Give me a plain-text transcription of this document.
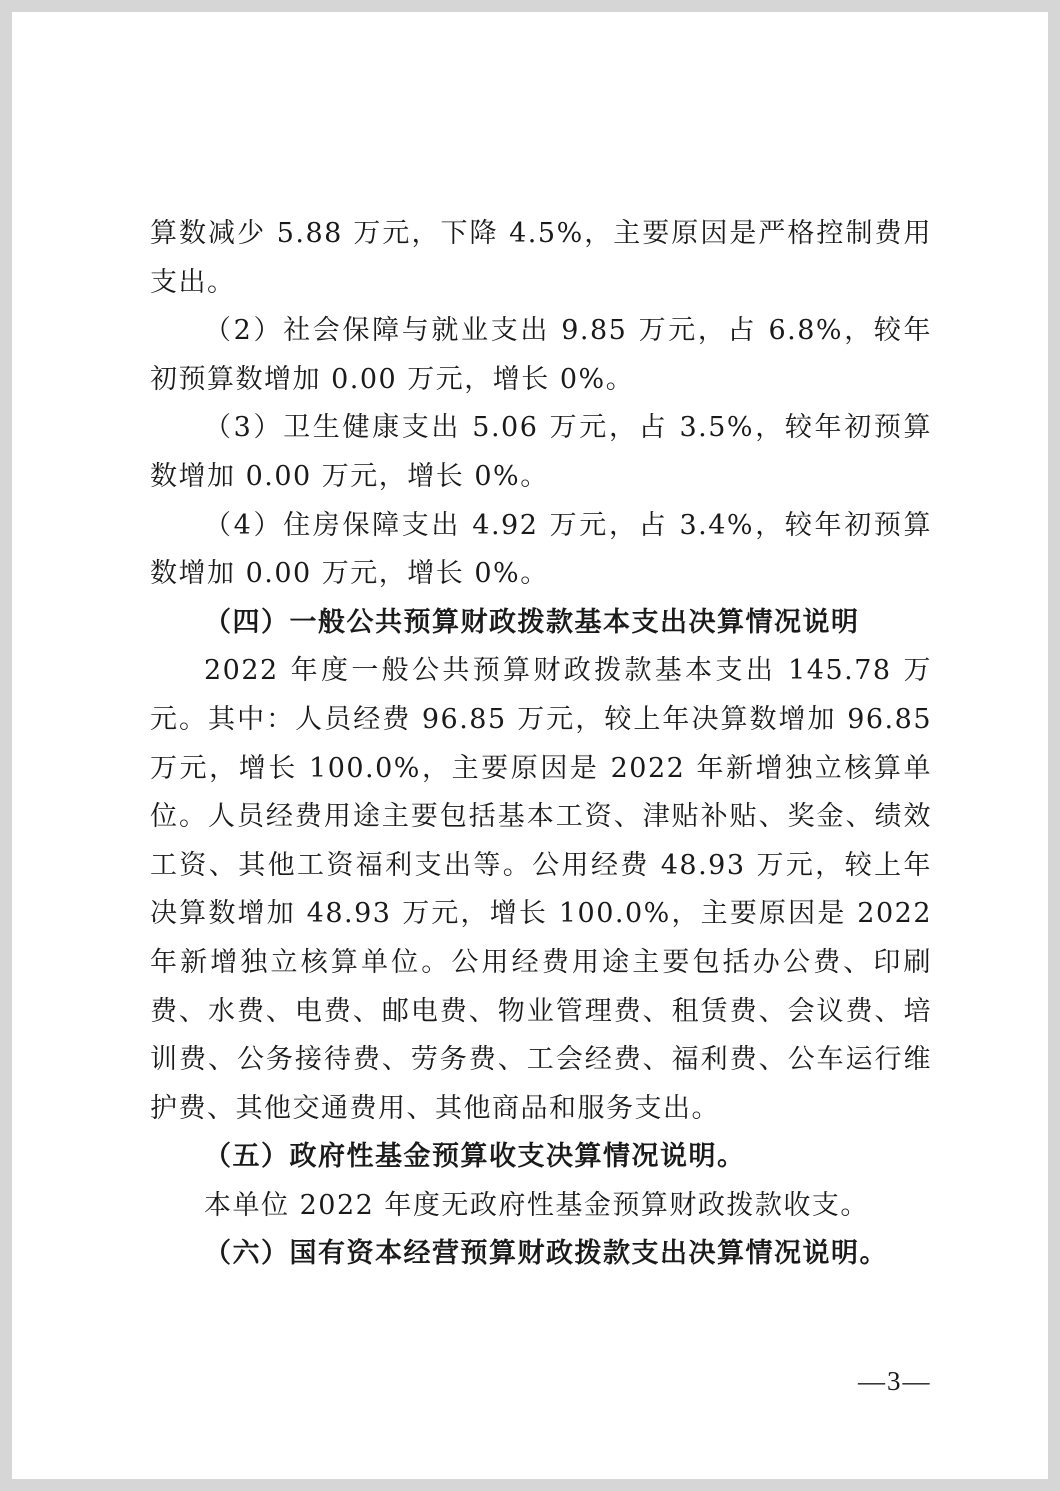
算数减少 5.88 万元，下降 4.5%，主要原因是严格控制费用支出。

（2）社会保障与就业支出 9.85 万元，占 6.8%，较年初预算数增加 0.00 万元，增长 0%。

（3）卫生健康支出 5.06 万元，占 3.5%，较年初预算数增加 0.00 万元，增长 0%。

（4）住房保障支出 4.92 万元，占 3.4%，较年初预算数增加 0.00 万元，增长 0%。

（四）一般公共预算财政拨款基本支出决算情况说明

2022 年度一般公共预算财政拨款基本支出 145.78 万元。其中：人员经费 96.85 万元，较上年决算数增加 96.85 万元，增长 100.0%，主要原因是 2022 年新增独立核算单位。人员经费用途主要包括基本工资、津贴补贴、奖金、绩效工资、其他工资福利支出等。公用经费 48.93 万元，较上年决算数增加 48.93 万元，增长 100.0%，主要原因是 2022 年新增独立核算单位。公用经费用途主要包括办公费、印刷费、水费、电费、邮电费、物业管理费、租赁费、会议费、培训费、公务接待费、劳务费、工会经费、福利费、公车运行维护费、其他交通费用、其他商品和服务支出。

（五）政府性基金预算收支决算情况说明。

本单位 2022 年度无政府性基金预算财政拨款收支。

（六）国有资本经营预算财政拨款支出决算情况说明。

—3—
